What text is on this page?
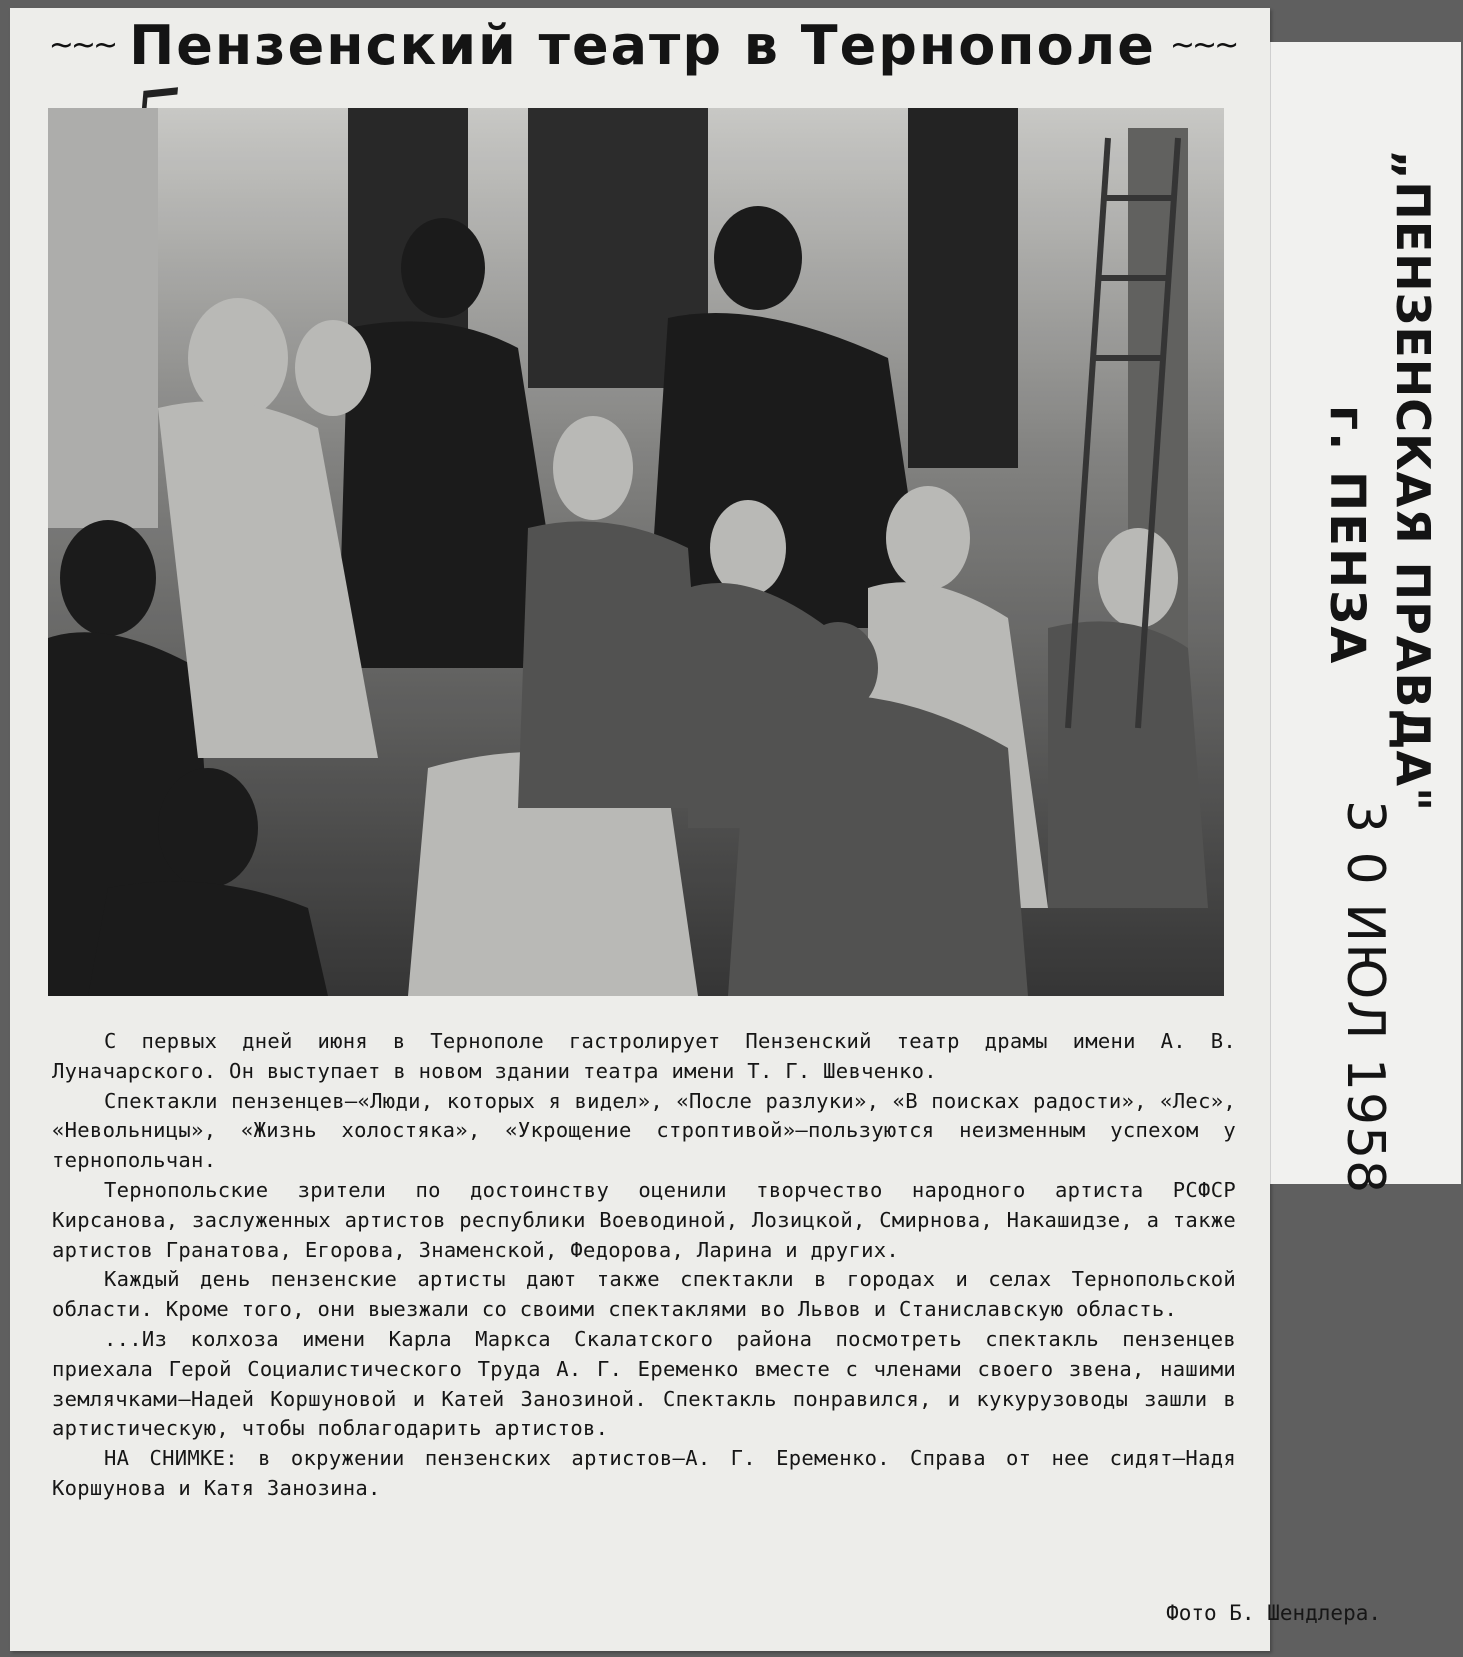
~~~ Пензенский театр в Тернополе ~~~

С первых дней июня в Тернополе гастролирует Пензенский театр драмы имени А. В. Луначарского. Он выступает в новом здании театра имени Т. Г. Шевченко.

Спектакли пензенцев—«Люди, которых я видел», «После разлуки», «В поисках радости», «Лес», «Невольницы», «Жизнь холостяка», «Укрощение строптивой»—пользуются неизменным успехом у тернопольчан.

Тернопольские зрители по достоинству оценили творчество народного артиста РСФСР Кирсанова, заслуженных артистов республики Воеводиной, Лозицкой, Смирнова, Накашидзе, а также артистов Гранатова, Егорова, Знаменской, Федорова, Ларина и других.

Каждый день пензенские артисты дают также спектакли в городах и селах Тернопольской области. Кроме того, они выезжали со своими спектаклями во Львов и Станиславскую область.

...Из колхоза имени Карла Маркса Скалатского района посмотреть спектакль пензенцев приехала Герой Социалистического Труда А. Г. Еременко вместе с членами своего звена, нашими землячками—Надей Коршуновой и Катей Занозиной. Спектакль понравился, и кукурузоводы зашли в артистическую, чтобы поблагодарить артистов.

НА СНИМКЕ: в окружении пензенских артистов—А. Г. Еременко. Справа от нее сидят—Надя Коршунова и Катя Занозина.

Фото Б. Шендлера.
„ПЕНЗЕНСКАЯ ПРАВДА"
г. ПЕНЗА
3 0 ИЮЛ 1958
